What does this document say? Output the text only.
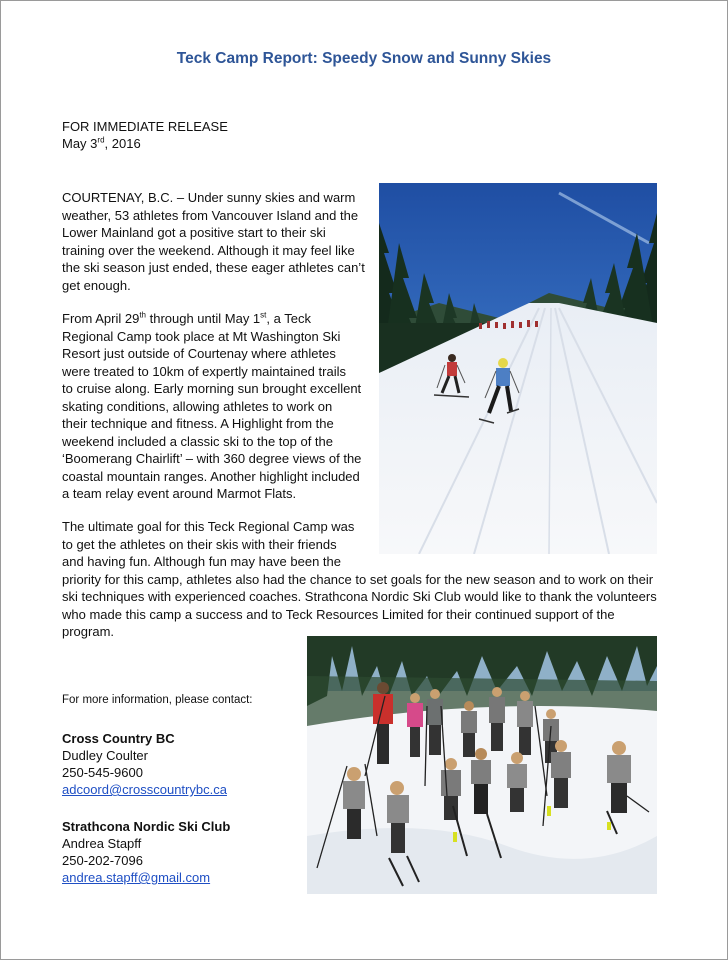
Teck Camp Report: Speedy Snow and Sunny Skies
FOR IMMEDIATE RELEASE
May 3rd, 2016
COURTENAY, B.C. – Under sunny skies and warm
weather, 53 athletes from Vancouver Island and the
Lower Mainland got a positive start to their ski
training over the weekend. Although it may feel like
the ski season just ended, these eager athletes can’t
get enough.
From April 29th through until May 1st, a Teck
Regional Camp took place at Mt Washington Ski
Resort just outside of Courtenay where athletes
were treated to 10km of expertly maintained trails
to cruise along. Early morning sun brought excellent
skating conditions, allowing athletes to work on
their technique and fitness. A Highlight from the
weekend included a classic ski to the top of the
‘Boomerang Chairlift’ – with 360 degree views of the
coastal mountain ranges. Another highlight included
a team relay event around Marmot Flats.
The ultimate goal for this Teck Regional Camp was
to get the athletes on their skis with their friends
and having fun. Although fun may have been the
priority for this camp, athletes also had the chance to set goals for the new season and to work on their
ski techniques with experienced coaches. Strathcona Nordic Ski Club would like to thank the volunteers
who made this camp a success and to Teck Resources Limited for their continued support of the
program.
For more information, please contact:
Cross Country BC
Dudley Coulter
250-545-9600
adcoord@crosscountrybc.ca
Strathcona Nordic Ski Club
Andrea Stapff
250-202-7096
andrea.stapff@gmail.com
